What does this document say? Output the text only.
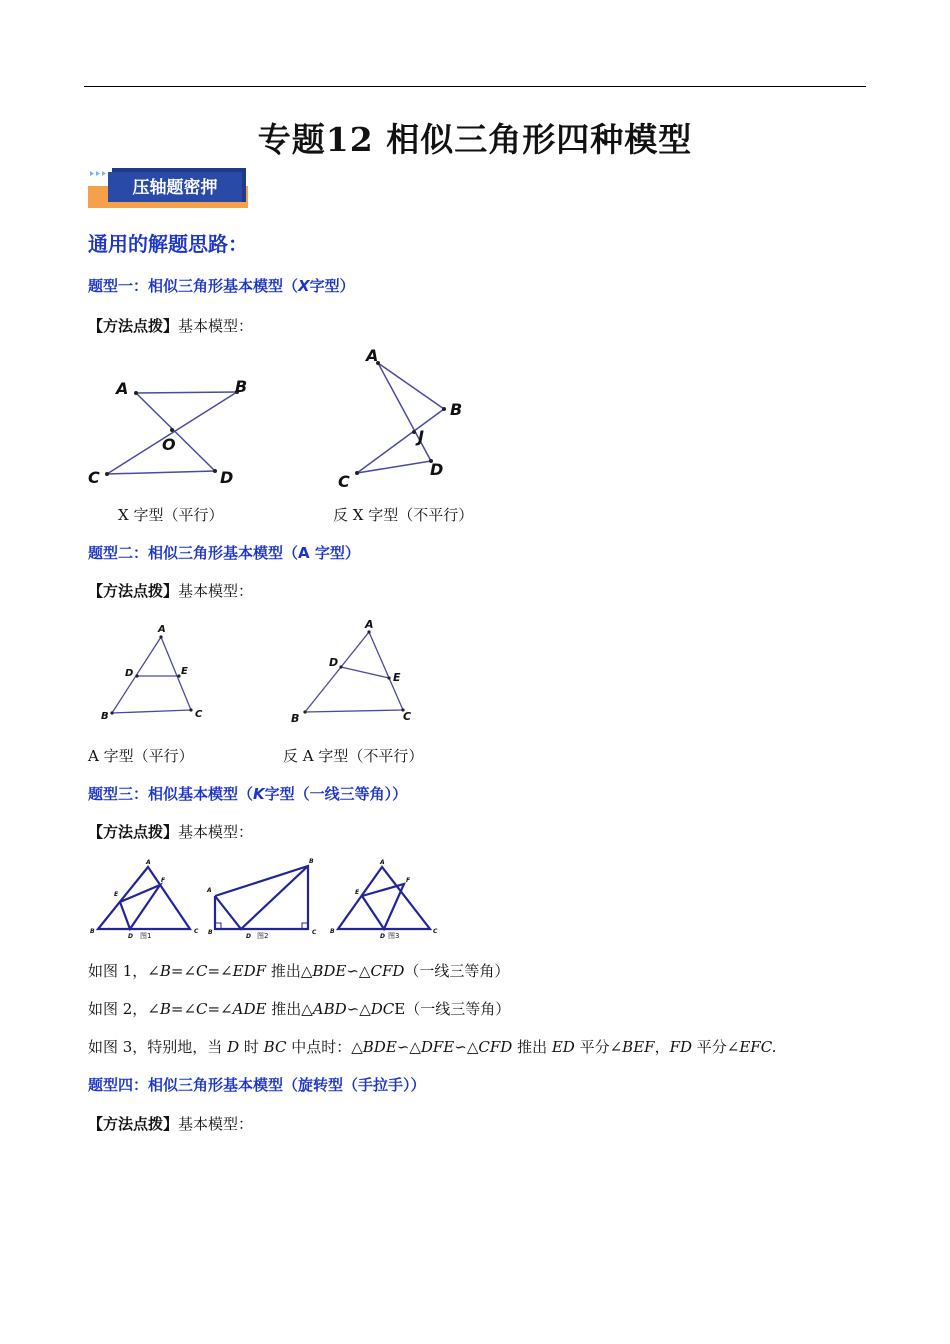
专题12 相似三角形四种模型
压轴题密押
通用的解题思路：
题型一：相似三角形基本模型（X字型）
【方法点拨】基本模型：
A	B
O
C	D
A
B
J
C
D
X 字型（平行）	反 X 字型（不平行）
题型二：相似三角形基本模型（A 字型）
【方法点拨】基本模型：
A
D	E
B	C
A
D
E
B	C
A 字型（平行）	反 A 字型（不平行）
题型三：相似基本模型（K字型（一线三等角））
【方法点拨】基本模型：
A
E
F
B	C
D 图1
A
B
B	C
D 图2
A
E
F
B	C
D 图3
如图 1，∠B=∠C=∠EDF 推出△BDE∽△CFD（一线三等角）
如图 2，∠B=∠C=∠ADE 推出△ABD∽△DCE（一线三等角）
如图 3，特别地，当 D 时 BC 中点时：△BDE∽△DFE∽△CFD 推出 ED 平分∠BEF，FD 平分∠EFC.
题型四：相似三角形基本模型（旋转型（手拉手））
【方法点拨】基本模型：
